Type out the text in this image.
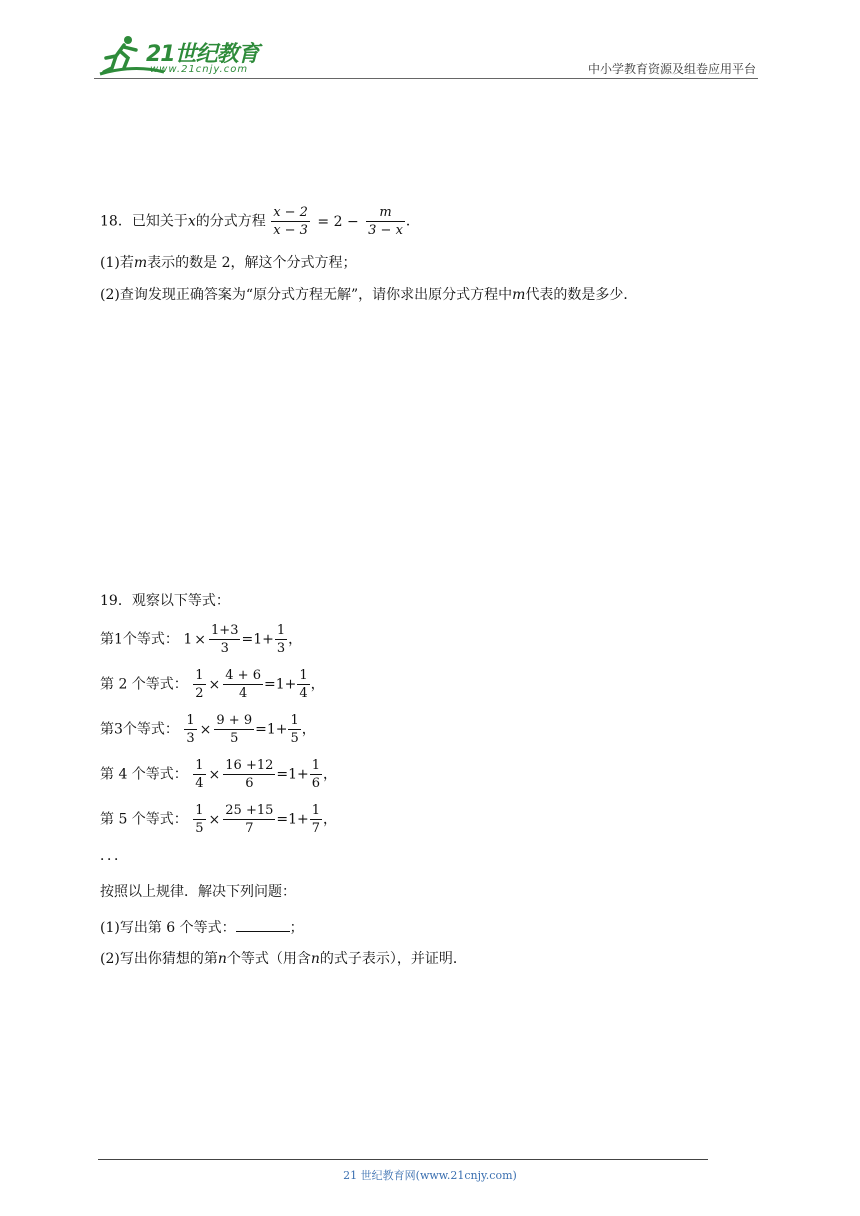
21世纪教育
www.21cnjy.com	中小学教育资源及组卷应用平台
18．已知关于x的分式方程 $\frac{x - 2}{x - 3} = 2 - \frac{m}{3 - x}$ ．
(1)若m表示的数是 2，解这个分式方程；
(2)查询发现正确答案为“原分式方程无解”，请你求出原分式方程中m代表的数是多少．
19．观察以下等式：
第1个等式： $1 \times \frac{1+3}{3} =1+ \frac{1}{3}$ ，
第 2 个等式： $\frac{1}{2} \times \frac{4 + 6}{4} =1+ \frac{1}{4}$ ，
第3个等式： $\frac{1}{3} \times \frac{9 + 9}{5} =1+ \frac{1}{5}$ ，
第 4 个等式： $\frac{1}{4} \times \frac{16 +12}{6} =1+ \frac{1}{6}$ ，
第 5 个等式： $\frac{1}{5} \times \frac{25 +15}{7} =1+ \frac{1}{7}$ ，
．．．
按照以上规律．解决下列问题：
(1)写出第 6 个等式：	；
(2)写出你猜想的第n个等式（用含n的式子表示），并证明．
21 世纪教育网(www.21cnjy.com)
